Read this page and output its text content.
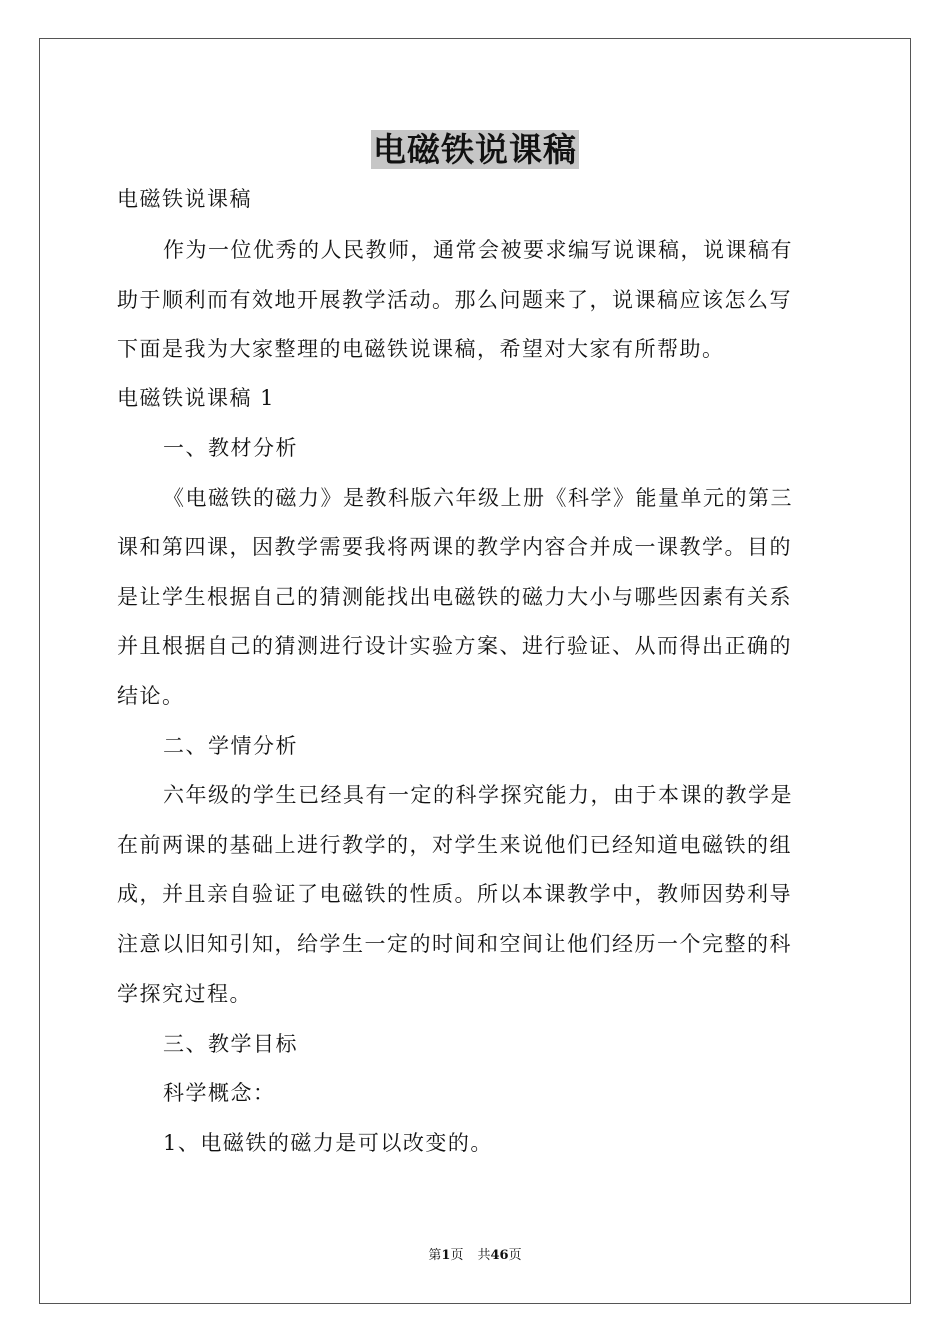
电磁铁说课稿
电磁铁说课稿
作为一位优秀的人民教师，通常会被要求编写说课稿，说课稿有
助于顺利而有效地开展教学活动。那么问题来了，说课稿应该怎么写
下面是我为大家整理的电磁铁说课稿，希望对大家有所帮助。
电磁铁说课稿 1
一、教材分析
《电磁铁的磁力》是教科版六年级上册《科学》能量单元的第三
课和第四课，因教学需要我将两课的教学内容合并成一课教学。目的
是让学生根据自己的猜测能找出电磁铁的磁力大小与哪些因素有关系
并且根据自己的猜测进行设计实验方案、进行验证、从而得出正确的
结论。
二、学情分析
六年级的学生已经具有一定的科学探究能力，由于本课的教学是
在前两课的基础上进行教学的，对学生来说他们已经知道电磁铁的组
成，并且亲自验证了电磁铁的性质。所以本课教学中，教师因势利导
注意以旧知引知，给学生一定的时间和空间让他们经历一个完整的科
学探究过程。
三、教学目标
科学概念：
1、电磁铁的磁力是可以改变的。
第1页 共46页
